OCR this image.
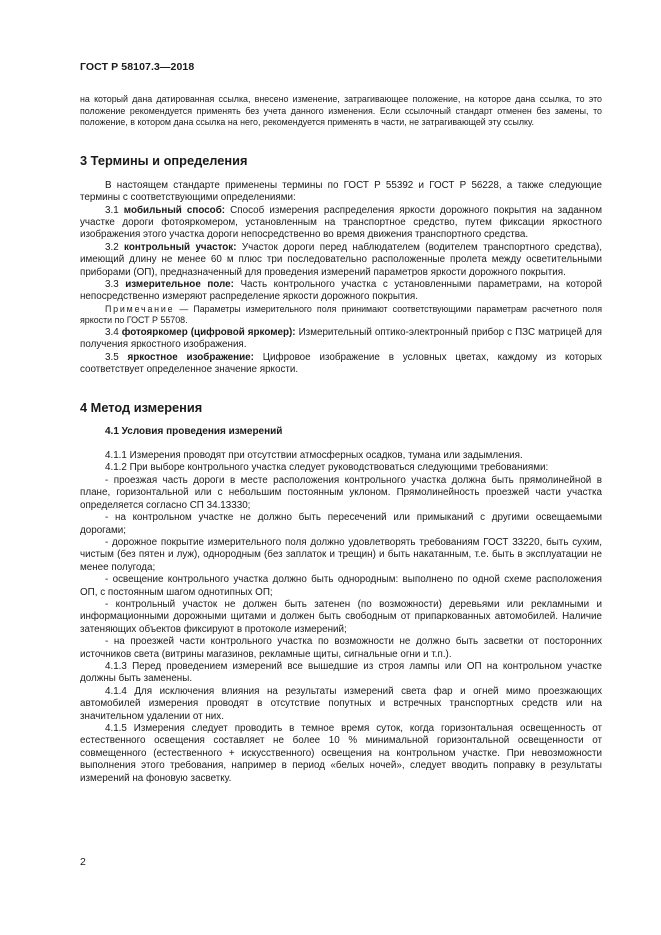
ГОСТ Р 58107.3—2018

на который дана датированная ссылка, внесено изменение, затрагивающее положение, на которое дана ссылка, то это положение рекомендуется применять без учета данного изменения. Если ссылочный стандарт отменен без замены, то положение, в котором дана ссылка на него, рекомендуется применять в части, не затрагивающей эту ссылку.

3 Термины и определения

В настоящем стандарте применены термины по ГОСТ Р 55392 и ГОСТ Р 56228, а также следующие термины с соответствующими определениями:

3.1 мобильный способ: Способ измерения распределения яркости дорожного покрытия на заданном участке дороги фотояркомером, установленным на транспортное средство, путем фиксации яркостного изображения этого участка дороги непосредственно во время движения транспортного средства.

3.2 контрольный участок: Участок дороги перед наблюдателем (водителем транспортного средства), имеющий длину не менее 60 м плюс три последовательно расположенные пролета между осветительными приборами (ОП), предназначенный для проведения измерений параметров яркости дорожного покрытия.

3.3 измерительное поле: Часть контрольного участка с установленными параметрами, на которой непосредственно измеряют распределение яркости дорожного покрытия.

Примечание — Параметры измерительного поля принимают соответствующими параметрам расчетного поля яркости по ГОСТ Р 55708.

3.4 фотояркомер (цифровой яркомер): Измерительный оптико-электронный прибор с ПЗС матрицей для получения яркостного изображения.

3.5 яркостное изображение: Цифровое изображение в условных цветах, каждому из которых соответствует определенное значение яркости.

4 Метод измерения
4.1 Условия проведения измерений

4.1.1 Измерения проводят при отсутствии атмосферных осадков, тумана или задымления.

4.1.2 При выборе контрольного участка следует руководствоваться следующими требованиями:

- проезжая часть дороги в месте расположения контрольного участка должна быть прямолинейной в плане, горизонтальной или с небольшим постоянным уклоном. Прямолинейность проезжей части участка определяется согласно СП 34.13330;

- на контрольном участке не должно быть пересечений или примыканий с другими освещаемыми дорогами;

- дорожное покрытие измерительного поля должно удовлетворять требованиям ГОСТ 33220, быть сухим, чистым (без пятен и луж), однородным (без заплаток и трещин) и быть накатанным, т.е. быть в эксплуатации не менее полугода;

- освещение контрольного участка должно быть однородным: выполнено по одной схеме расположения ОП, с постоянным шагом однотипных ОП;

- контрольный участок не должен быть затенен (по возможности) деревьями или рекламными и информационными дорожными щитами и должен быть свободным от припаркованных автомобилей. Наличие затеняющих объектов фиксируют в протоколе измерений;

- на проезжей части контрольного участка по возможности не должно быть засветки от посторонних источников света (витрины магазинов, рекламные щиты, сигнальные огни и т.п.).

4.1.3 Перед проведением измерений все вышедшие из строя лампы или ОП на контрольном участке должны быть заменены.

4.1.4 Для исключения влияния на результаты измерений света фар и огней мимо проезжающих автомобилей измерения проводят в отсутствие попутных и встречных транспортных средств или на значительном удалении от них.

4.1.5 Измерения следует проводить в темное время суток, когда горизонтальная освещенность от естественного освещения составляет не более 10 % минимальной горизонтальной освещенности от совмещенного (естественного + искусственного) освещения на контрольном участке. При невозможности выполнения этого требования, например в период «белых ночей», следует вводить поправку в результаты измерений на фоновую засветку.

2
